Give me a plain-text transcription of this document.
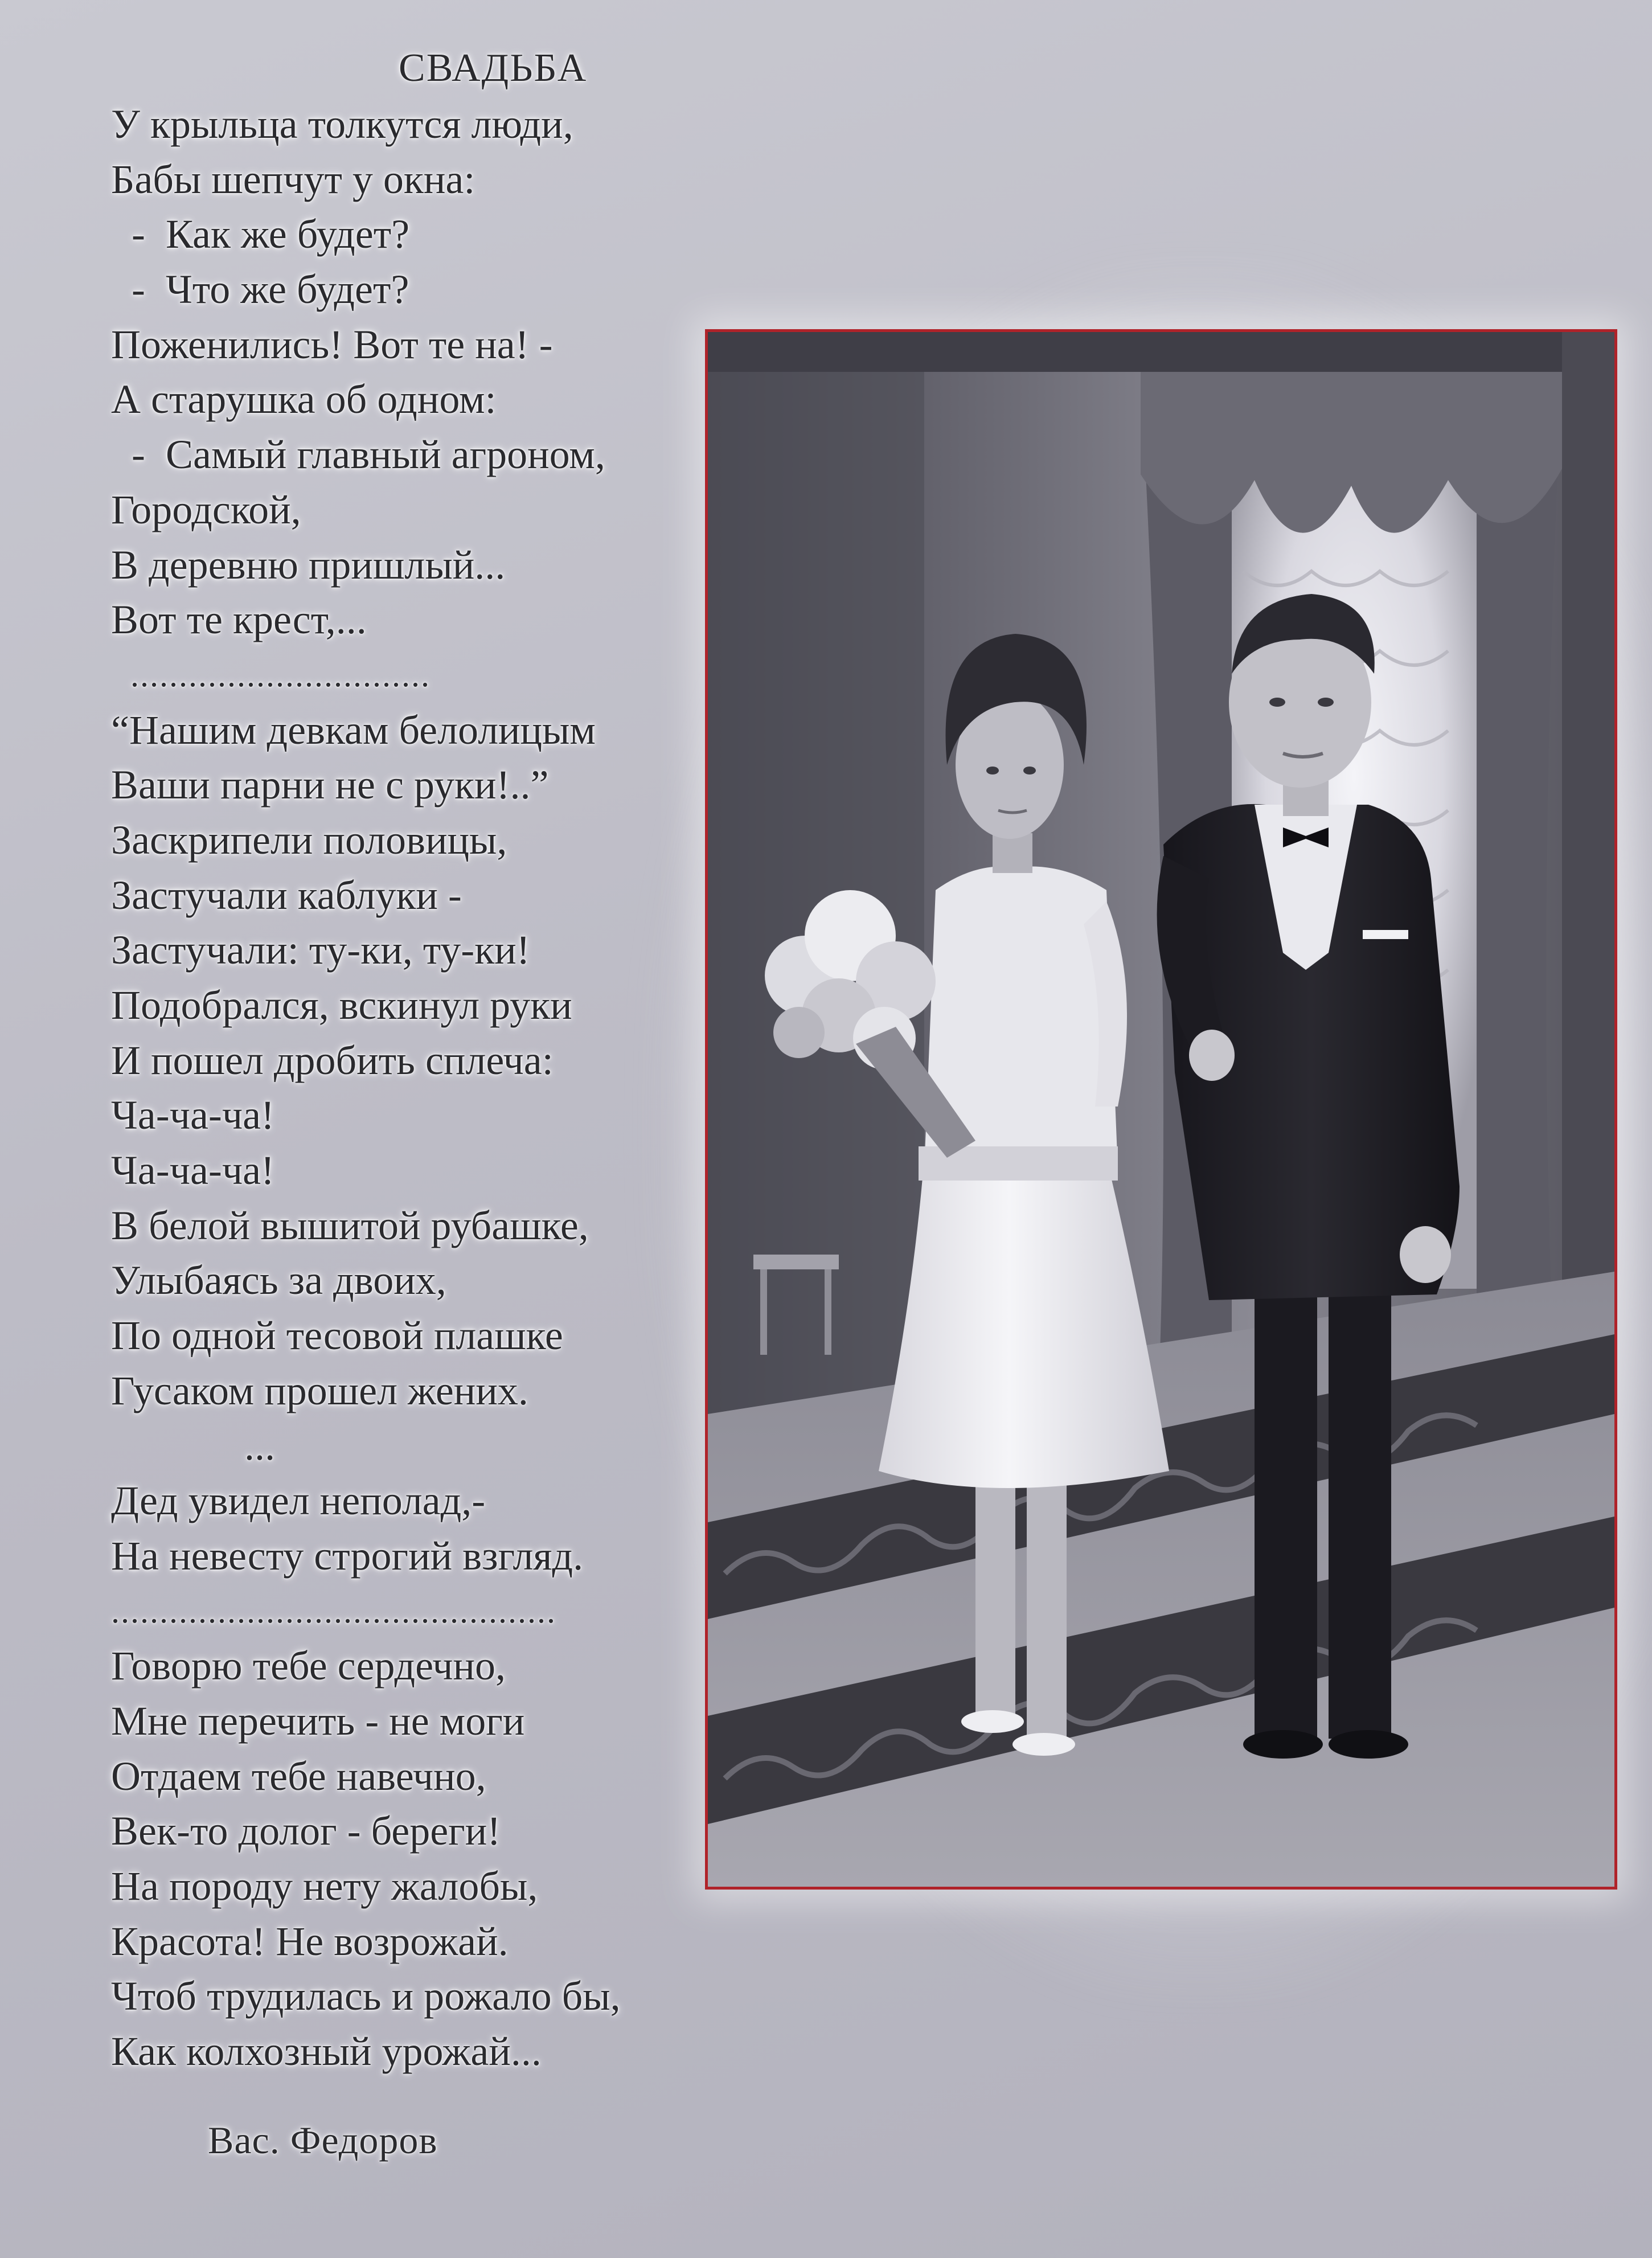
СВАДЬБА
У крыльца толкутся люди,
Бабы шепчут у окна:
-  Как же будет?
-  Что же будет?
Поженились! Вот те на! -
А старушка об одном:
-  Самый главный агроном,
Городской,
В деревню пришлый...
Вот те крест,...
...............................
“Нашим девкам белолицым
Ваши парни не с руки!..”
Заскрипели половицы,
Застучали каблуки -
Застучали: ту-ки, ту-ки!
Подобрался, вскинул руки
И пошел дробить сплеча:
Ча-ча-ча!
Ча-ча-ча!
В белой вышитой рубашке,
Улыбаясь за двоих,
По одной тесовой плашке
Гусаком прошел жених.
...
Дед увидел неполад,-
На невесту строгий взгляд.
..............................................
Говорю тебе сердечно,
Мне перечить - не моги
Отдаем тебе навечно,
Век-то долог - береги!
На породу нету жалобы,
Красота! Не возрожай.
Чтоб трудилась и рожало бы,
Как колхозный урожай...
Вас. Федоров
